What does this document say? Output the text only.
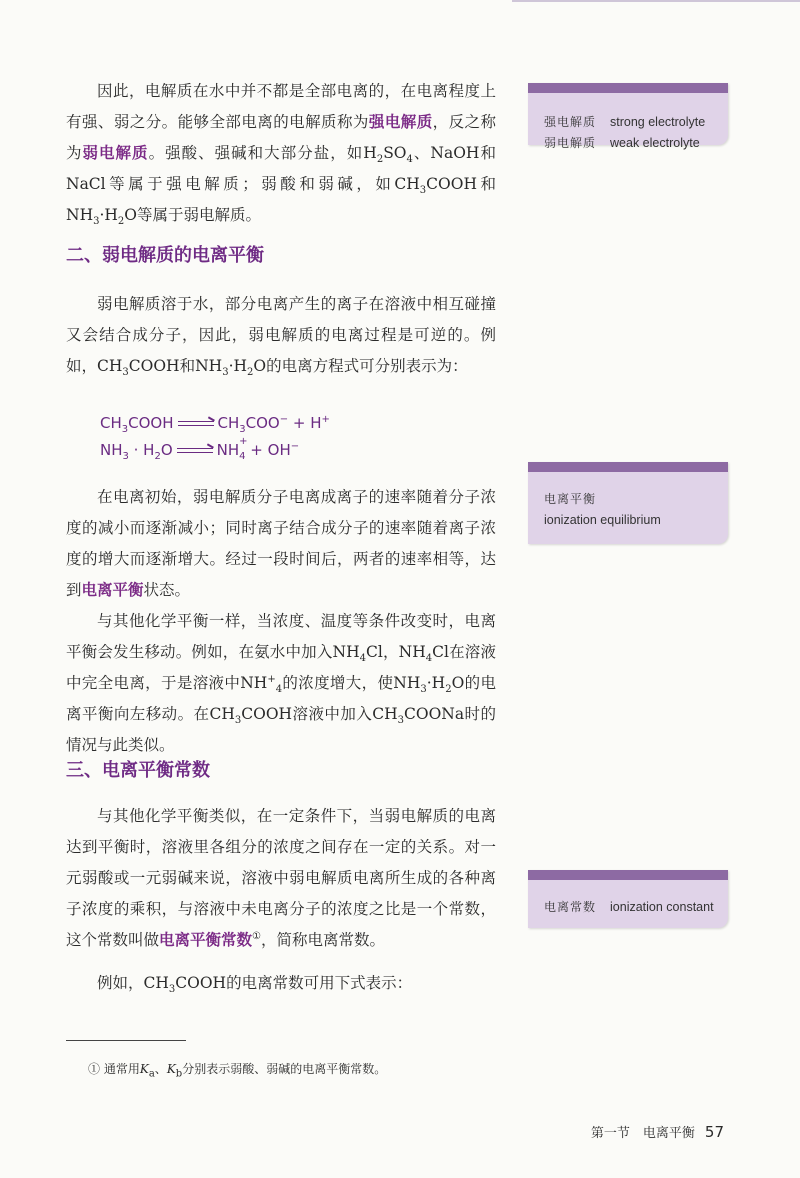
因此，电解质在水中并不都是全部电离的，在电离程度上有强、弱之分。能够全部电离的电解质称为强电解质，反之称为弱电解质。强酸、强碱和大部分盐，如$H_2SO_4$、NaOH和NaCl等属于强电解质；弱酸和弱碱，如$CH_3COOH$和$NH_3\cdot H_2O$等属于弱电解质。
强电解质 strong electrolyte
弱电解质 weak electrolyte
二、弱电解质的电离平衡
弱电解质溶于水，部分电离产生的离子在溶液中相互碰撞又会结合成分子，因此，弱电解质的电离过程是可逆的。例如，$CH_3COOH$和$NH_3\cdot H_2O$的电离方程式可分别表示为：
$CH_3COOH \to CH_3COO^- + H^+$
$NH_3 \cdot H_2O$ → NH $_{+ 4}$ + OH−
在电离初始，弱电解质分子电离成离子的速率随着分子浓度的减小而逐渐减小；同时离子结合成分子的速率随着离子浓度的增大而逐渐增大。经过一段时间后，两者的速率相等，达到电离平衡状态。
电离平衡
ionization equilibrium
与其他化学平衡一样，当浓度、温度等条件改变时，电离平衡会发生移动。例如，在氨水中加入$NH_4Cl$，$NH_4Cl$在溶液中完全电离，于是溶液中$NH^+_4$的浓度增大，使$NH_3\cdot H_2O$的电离平衡向左移动。在$CH_3COOH$溶液中加入$CH_3COONa$时的情况与此类似。
三、电离平衡常数
与其他化学平衡类似，在一定条件下，当弱电解质的电离达到平衡时，溶液里各组分的浓度之间存在一定的关系。对一元弱酸或一元弱碱来说，溶液中弱电解质电离所生成的各种离子浓度的乘积，与溶液中未电离分子的浓度之比是一个常数，这个常数叫做电离平衡常数①，简称电离常数。
电离常数 ionization constant
例如，$CH_3COOH$的电离常数可用下式表示：
① 通常用$K_a$、$K_b$分别表示弱酸、弱碱的电离平衡常数。
第一节　电离平衡 57
